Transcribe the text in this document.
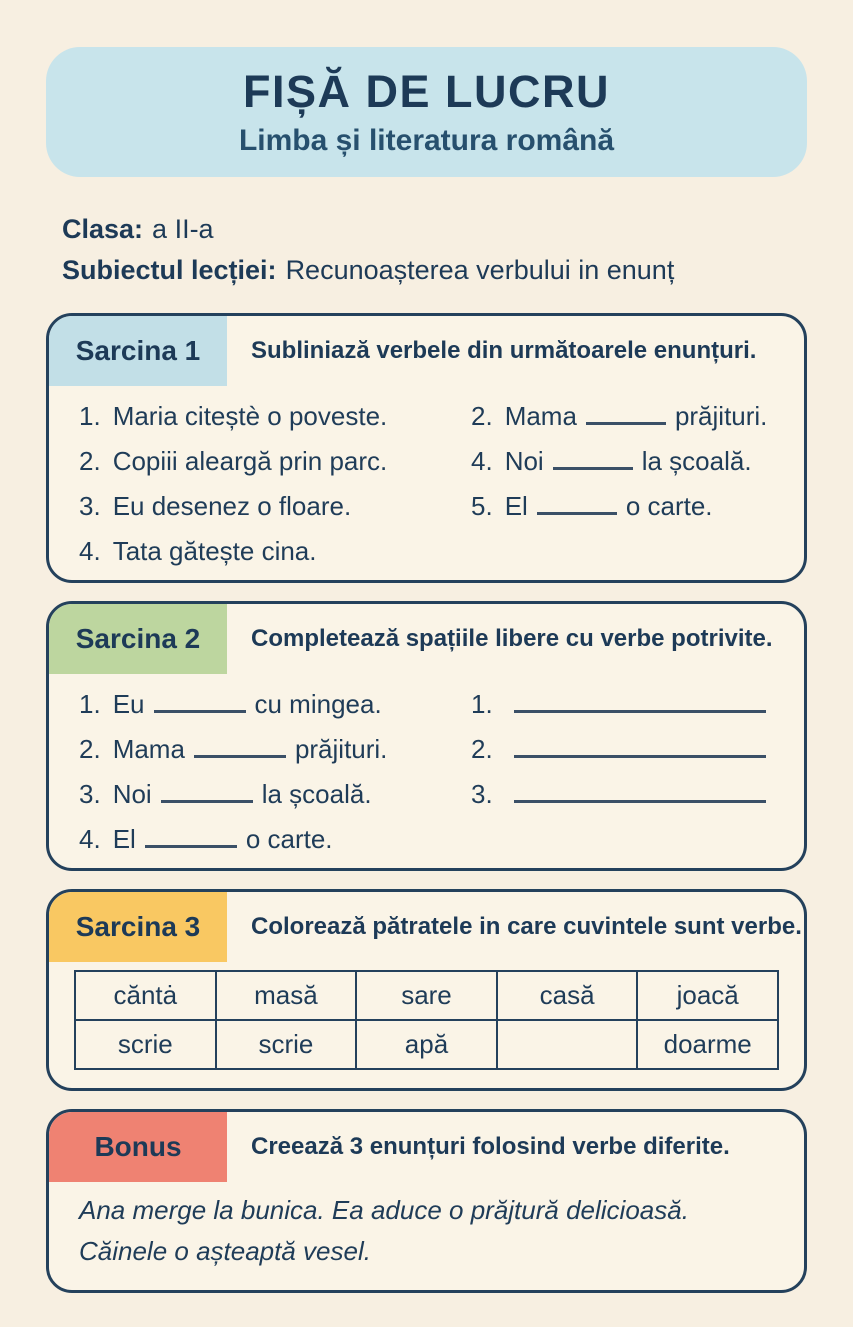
FIȘĂ DE LUCRU
Limba și literatura română

Clasa: a II-a

Subiectul lecției: Recunoașterea verbului in enunț

Sarcina 1	Subliniază verbele din următoarele enunțuri.
1. Maria citeștè o poveste.
2. Copiii aleargă prin parc.
3. Eu desenez o floare.
4. Tata gătește cina.
2. Mama	prăjituri.
4. Noi	la școală.
5. El	o carte.
Sarcina 2	Completează spațiile libere cu verbe potrivite.
1. Eu	cu mingea.
2. Mama	prăjituri.
3. Noi	la școală.
4. El	o carte.
1.
2.
3.
Sarcina 3	Colorează pătratele in care cuvintele sunt verbe.
căntȧ	masă	sare	casă	joacă
scrie	scrie	apă		doarme
Bonus	Creează 3 enunțuri folosind verbe diferite.

Ana merge la bunica. Ea aduce o prăjtură delicioasă.

Căinele o așteaptă vesel.
